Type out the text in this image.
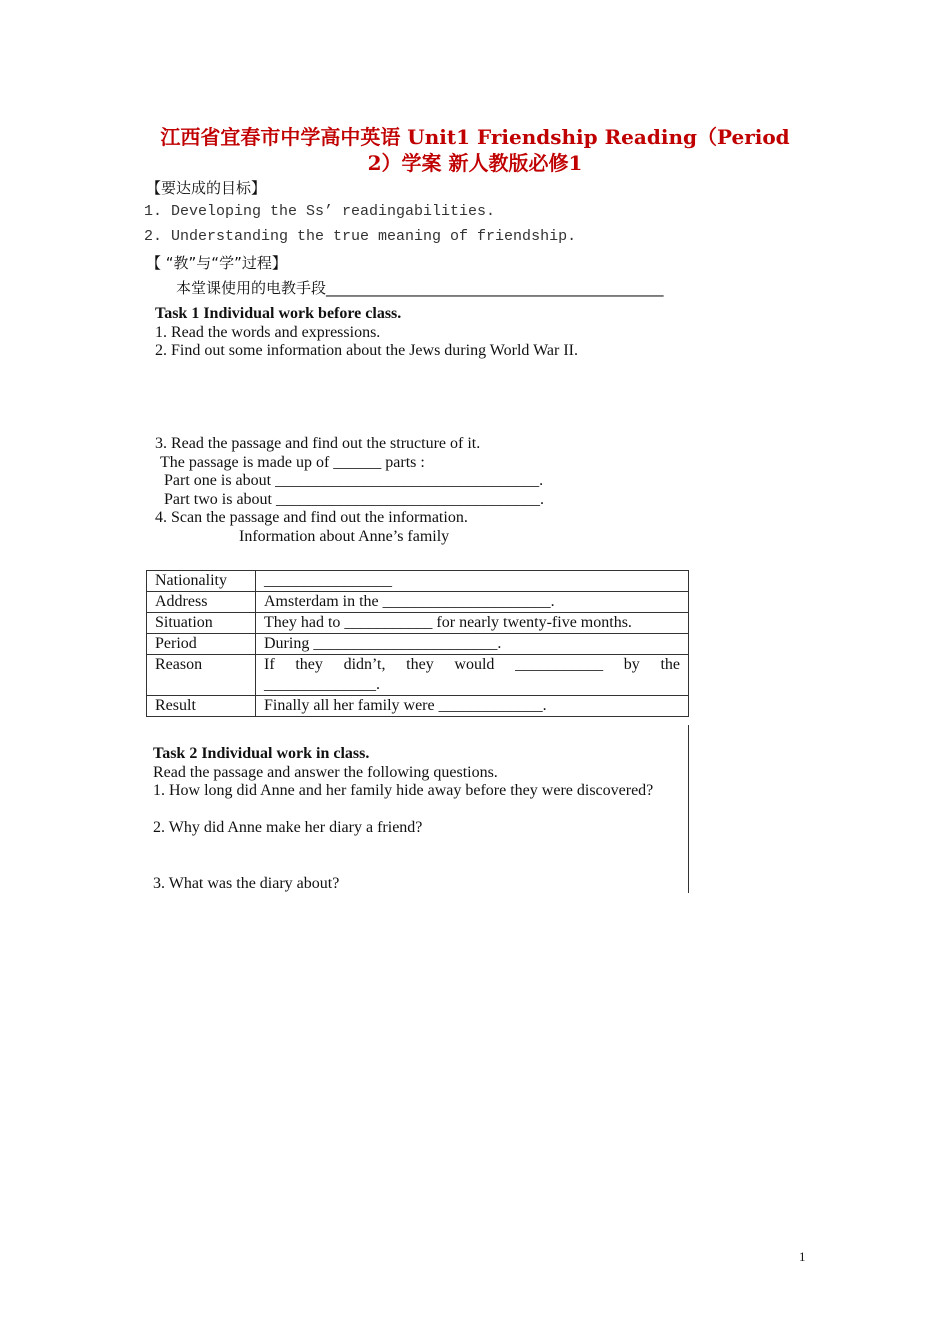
江西省宜春市中学高中英语 Unit1 Friendship Reading（Period
2）学案 新人教版必修1
【要达成的目标】
1. Developing the Ss’ readingabilities.
2. Understanding the true meaning of friendship.
【 “教”与“学”过程】
本堂课使用的电教手段_____________________________________________
Task 1 Individual work before class.
1. Read the words and expressions.
2. Find out some information about the Jews during World War II.
3. Read the passage and find out the structure of it.
The passage is made up of ______ parts :
Part one is about _________________________________.
Part two is about _________________________________.
4. Scan the passage and find out the information.
Information about Anne’s family
Nationality	________________
Address	Amsterdam in the _____________________.
Situation	They had to ___________ for nearly twenty-five months.
Period	During _______________________.
Reason	If they didn’t, they would ___________ by the ______________.
Result	Finally all her family were _____________.
Task 2 Individual work in class.
Read the passage and answer the following questions.
1. How long did Anne and her family hide away before they were discovered?
2. Why did Anne make her diary a friend?
3. What was the diary about?
1
